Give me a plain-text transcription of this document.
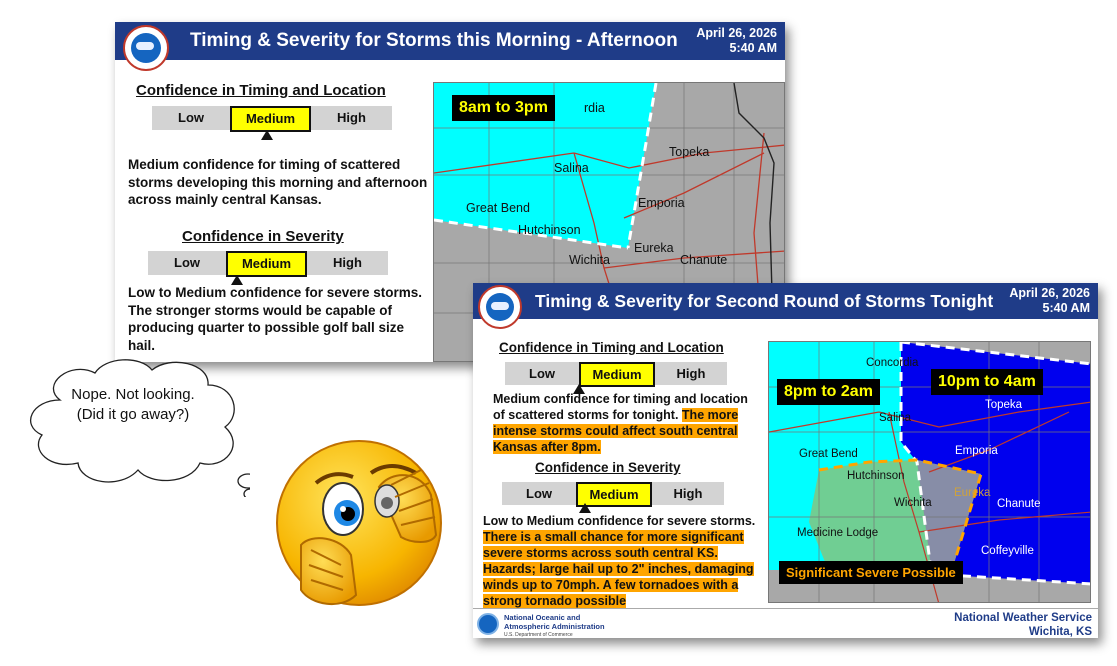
Timing & Severity for Storms this Morning - Afternoon April 26, 2026
5:40 AM
Confidence in Timing and Location
Low	Medium	High
Medium confidence for timing of scattered storms developing this morning and afternoon across mainly central Kansas.
Confidence in Severity
Low	Medium	High
Low to Medium confidence for severe storms. The stronger storms would be capable of producing quarter to possible golf ball size hail.
8am to 3pm	rdia
Salina
Topeka
Great Bend	Emporia
Hutchinson
Eureka
Wichita	Chanute
Timing & Severity for Second Round of Storms Tonight April 26, 2026
5:40 AM
Confidence in Timing and Location
Low	Medium	High
Medium confidence for timing and location of scattered storms for tonight. The more intense storms could affect south central Kansas after 8pm.
Confidence in Severity
Low	Medium	High
Low to Medium confidence for severe storms. There is a small chance for more significant severe storms across south central KS. Hazards; large hail up to 2" inches, damaging winds up to 70mph. A few tornadoes with a strong tornado possible
8pm to 2am
10pm to 4am
Significant Severe Possible
Concordia
Salina
Topeka
Great Bend	Emporia
Hutchinson
Wichita
Eureka
Chanute
Medicine Lodge
Coffeyville
National Oceanic and
Atmospheric Administration
U.S. Department of Commerce
National Weather Service
Wichita, KS
Nope. Not looking. (Did it go away?)
